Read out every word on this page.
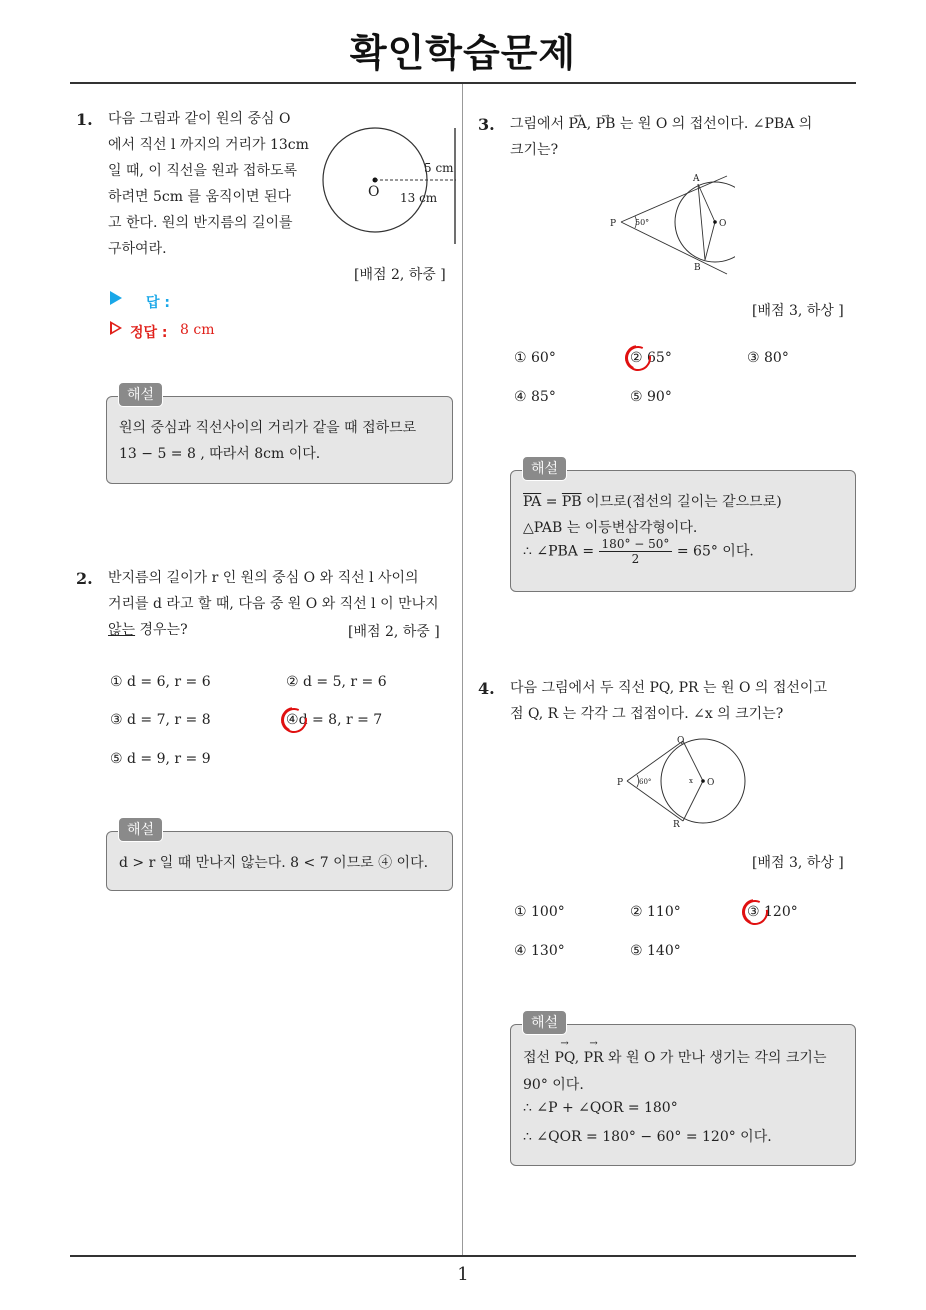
확인학습문제
1. 다음 그림과 같이 원의 중심 O
에서 직선 l 까지의 거리가 13cm
일 때, 이 직선을 원과 접하도록
하려면 5cm 를 움직이면 된다
고 한다. 원의 반지름의 길이를
구하여라.
O
5 cm
13 cm
[배점 2, 하중 ]
답 :
정답 : 8 cm
원의 중심과 직선사이의 거리가 같을 때 접하므로
13 − 5 = 8 , 따라서 8cm 이다.
해설
2. 반지름의 길이가 r 인 원의 중심 O 와 직선 l 사이의
거리를 d 라고 할 때, 다음 중 원 O 와 직선 l 이 만나지
않는 경우는?	[배점 2, 하중 ]
① d = 6, r = 6	② d = 5, r = 6
③ d = 7, r = 8	④d = 8, r = 7
⑤ d = 9, r = 9
d > r 일 때 만나지 않는다. 8 < 7 이므로 ④ 이다.
해설
3. 그림에서 → PA, → PB 는 원 O 의 접선이다. ∠PBA 의
크기는?
A
P 50°	O
B
[배점 3, 하상 ]
① 60°	② 65°	③ 80°
④ 85°	⑤ 90°
$\overline{PA} = \overline{PB}$ 이므로(접선의 길이는 같으므로)
△PAB 는 이등변삼각형이다.
∴ ∠PBA = $\frac{180^\circ - 50^\circ}{2} = 65^\circ$ 이다.
해설
4. 다음 그림에서 두 직선 PQ, PR 는 원 O 의 접선이고
점 Q, R 는 각각 그 접점이다. ∠x 의 크기는?
Q
P 60°	x O
R
[배점 3, 하상 ]
① 100°	② 110°	③ 120°
④ 130°	⑤ 140°
접선 → PQ, → PR 와 원 O 가 만나 생기는 각의 크기는
90° 이다.
∴ ∠P + ∠QOR = 180°
∴ ∠QOR = 180° − 60° = 120° 이다.
해설
1
